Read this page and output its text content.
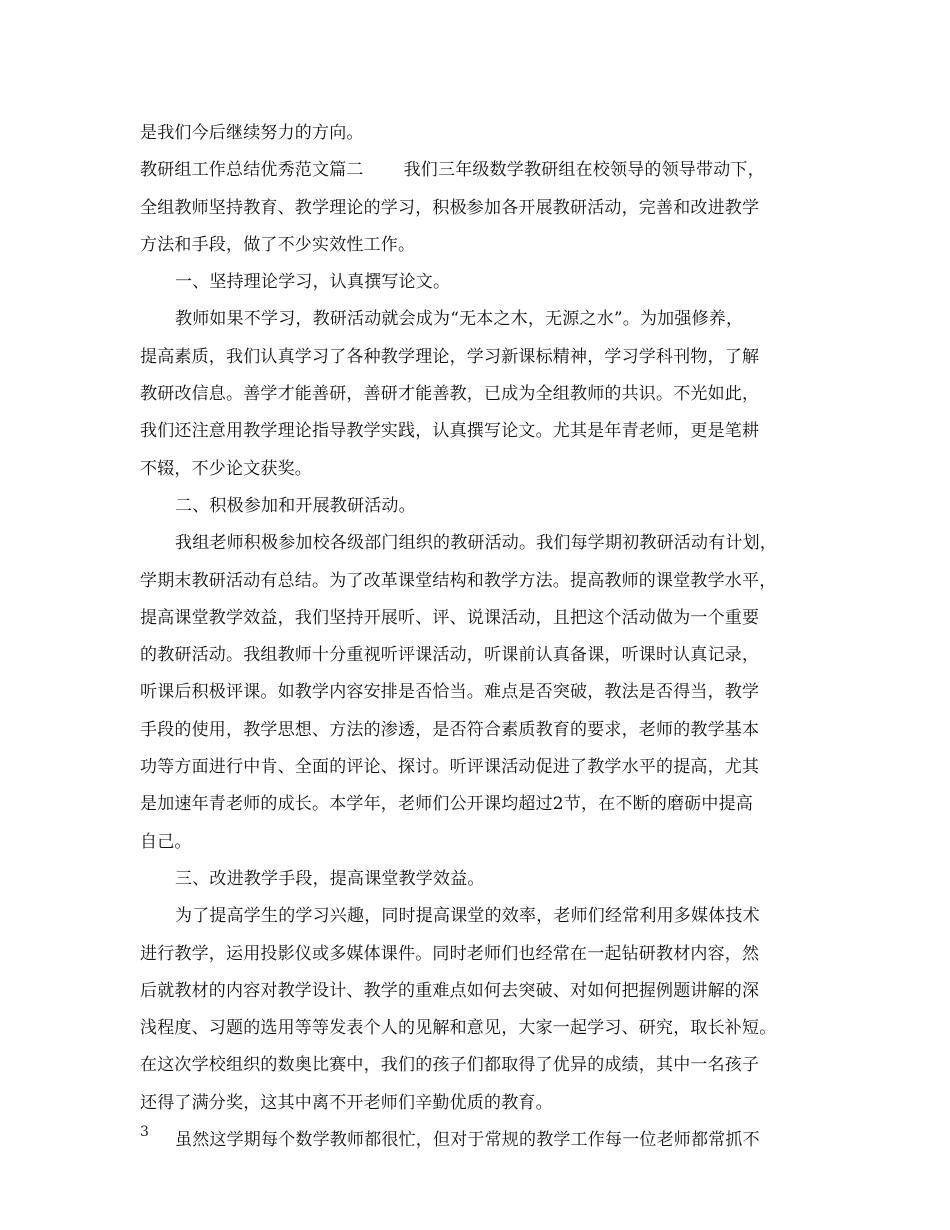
是我们今后继续努力的方向。
教研组工作总结优秀范文篇二 我们三年级数学教研组在校领导的领导带动下，
全组教师坚持教育、教学理论的学习，积极参加各开展教研活动，完善和改进教学
方法和手段，做了不少实效性工作。
一、坚持理论学习，认真撰写论文。
教师如果不学习，教研活动就会成为“无本之木，无源之水”。为加强修养，
提高素质，我们认真学习了各种教学理论，学习新课标精神，学习学科刊物，了解
教研改信息。善学才能善研，善研才能善教，已成为全组教师的共识。不光如此，
我们还注意用教学理论指导教学实践，认真撰写论文。尤其是年青老师，更是笔耕
不辍，不少论文获奖。
二、积极参加和开展教研活动。
我组老师积极参加校各级部门组织的教研活动。我们每学期初教研活动有计划，
学期末教研活动有总结。为了改革课堂结构和教学方法。提高教师的课堂教学水平，
提高课堂教学效益，我们坚持开展听、评、说课活动，且把这个活动做为一个重要
的教研活动。我组教师十分重视听评课活动，听课前认真备课，听课时认真记录，
听课后积极评课。如教学内容安排是否恰当。难点是否突破，教法是否得当，教学
手段的使用，教学思想、方法的渗透，是否符合素质教育的要求，老师的教学基本
功等方面进行中肯、全面的评论、探讨。听评课活动促进了教学水平的提高，尤其
是加速年青老师的成长。本学年，老师们公开课均超过2节，在不断的磨砺中提高
自己。
三、改进教学手段，提高课堂教学效益。
为了提高学生的学习兴趣，同时提高课堂的效率，老师们经常利用多媒体技术
进行教学，运用投影仪或多媒体课件。同时老师们也经常在一起钻研教材内容，然
后就教材的内容对教学设计、教学的重难点如何去突破、对如何把握例题讲解的深
浅程度、习题的选用等等发表个人的见解和意见，大家一起学习、研究，取长补短。
在这次学校组织的数奥比赛中，我们的孩子们都取得了优异的成绩，其中一名孩子
还得了满分奖，这其中离不开老师们辛勤优质的教育。
虽然这学期每个数学教师都很忙，但对于常规的教学工作每一位老师都常抓不
3
